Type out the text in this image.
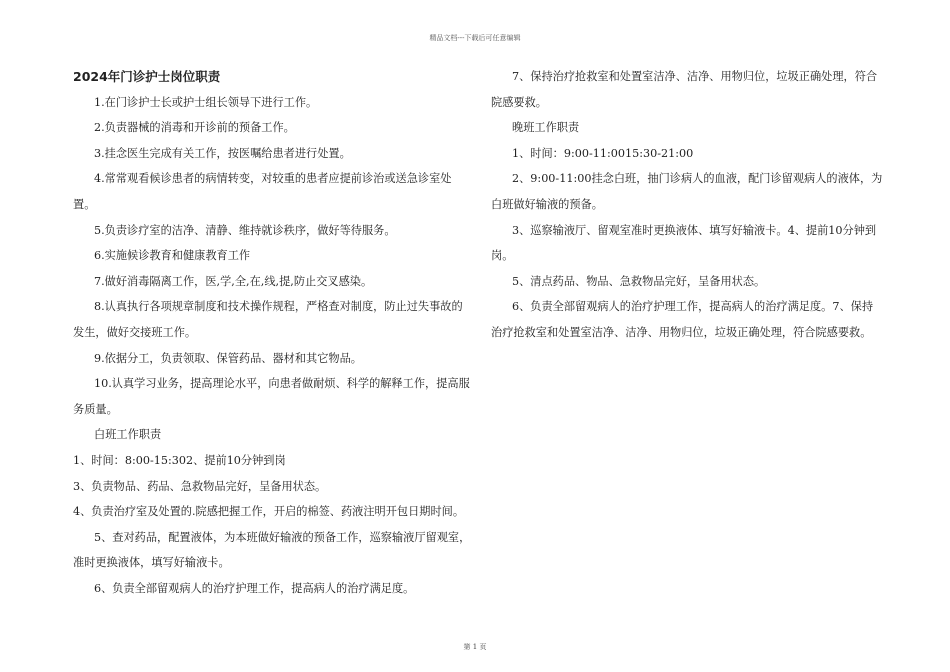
精品文档---下载后可任意编辑
2024年门诊护士岗位职责

1.在门诊护士长或护士组长领导下进行工作。

2.负责器械的消毒和开诊前的预备工作。

3.挂念医生完成有关工作，按医嘱给患者进行处置。

4.常常观看候诊患者的病情转变，对较重的患者应提前诊治或送急诊室处置。

5.负责诊疗室的洁净、清静、维持就诊秩序，做好等待服务。

6.实施候诊教育和健康教育工作

7.做好消毒隔离工作，医,学,全,在,线,提,防止交叉感染。

8.认真执行各项规章制度和技术操作规程，严格查对制度，防止过失事故的发生，做好交接班工作。

9.依据分工，负责领取、保管药品、器材和其它物品。

10.认真学习业务，提高理论水平，向患者做耐烦、科学的解释工作，提高服务质量。

白班工作职责

1、时间：8:00-15:302、提前10分钟到岗

3、负责物品、药品、急救物品完好，呈备用状态。

4、负责治疗室及处置的.院感把握工作，开启的棉签、药液注明开包日期时间。

5、查对药品，配置液体，为本班做好输液的预备工作，巡察输液厅留观室，准时更换液体，填写好输液卡。

6、负责全部留观病人的治疗护理工作，提高病人的治疗满足度。

7、保持治疗抢救室和处置室洁净、洁净、用物归位，垃圾正确处理，符合院感要救。

晚班工作职责

1、时间：9:00-11:0015:30-21:00

2、9:00-11:00挂念白班，抽门诊病人的血液，配门诊留观病人的液体，为白班做好输液的预备。

3、巡察输液厅、留观室准时更换液体、填写好输液卡。4、提前10分钟到岗。

5、清点药品、物品、急救物品完好，呈备用状态。

6、负责全部留观病人的治疗护理工作，提高病人的治疗满足度。7、保持治疗抢救室和处置室洁净、洁净、用物归位，垃圾正确处理，符合院感要救。

第 1 页
